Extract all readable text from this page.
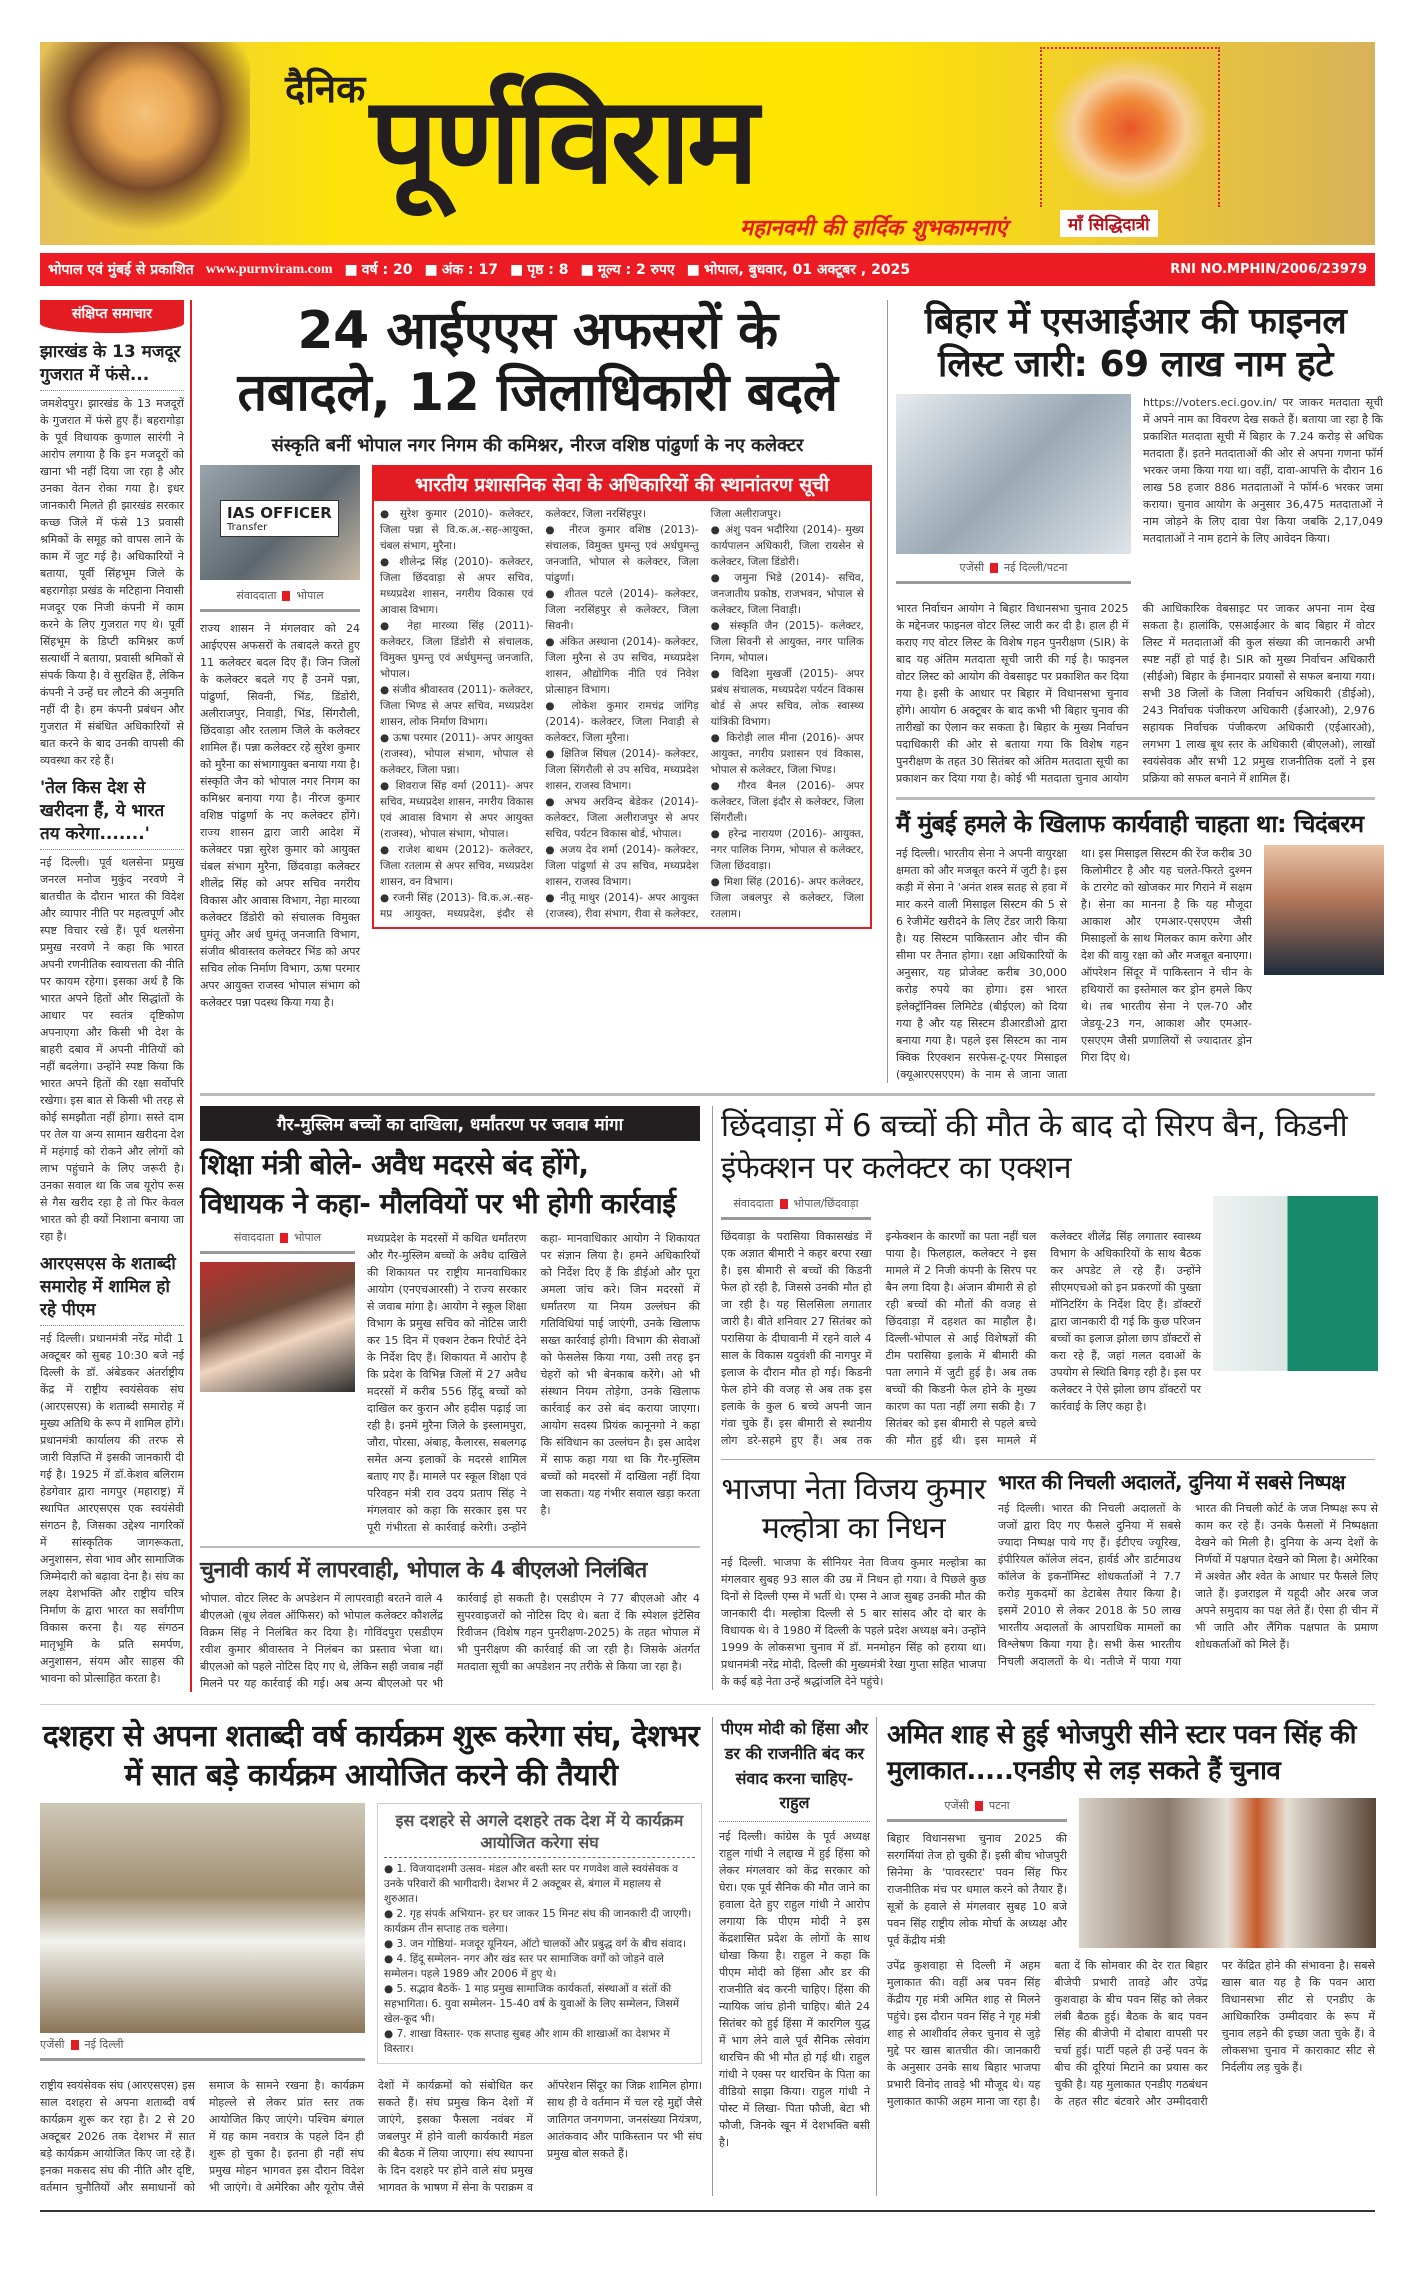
दैनिक पूर्णविराम
महानवमी की हार्दिक शुभकामनाएं	माँ सिद्धिदात्री
भोपाल एवं मुंबई से प्रकाशित www.purnviram.com	■ वर्ष : 20	■ अंक : 17	■ पृष्ठ : 8	■ मूल्य : 2 रुपए	■ भोपाल, बुधवार, 01 अक्टूबर , 2025	RNI NO.MPHIN/2006/23979
संक्षिप्त समाचार
झारखंड के 13 मजदूर गुजरात में फंसे...
जमशेदपुर। झारखंड के 13 मजदूरों के गुजरात में फंसे हुए हैं। बहरागोड़ा के पूर्व विधायक कुणाल सारंगी ने आरोप लगाया है कि इन मजदूरों को खाना भी नहीं दिया जा रहा है और उनका वेतन रोका गया है। इधर जानकारी मिलते ही झारखंड सरकार कच्छ जिले में फंसे 13 प्रवासी श्रमिकों के समूह को वापस लाने के काम में जुट गई है। अधिकारियों ने बताया, पूर्वी सिंहभूम जिले के बहरागोड़ा प्रखंड के मटिहाना निवासी मजदूर एक निजी कंपनी में काम करने के लिए गुजरात गए थे। पूर्वी सिंहभूम के डिप्टी कमिश्नर कर्ण सत्यार्थी ने बताया, प्रवासी श्रमिकों से संपर्क किया है। वे सुरक्षित हैं, लेकिन कंपनी ने उन्हें घर लौटने की अनुमति नहीं दी है। हम कंपनी प्रबंधन और गुजरात में संबंधित अधिकारियों से बात करने के बाद उनकी वापसी की व्यवस्था कर रहे हैं।
'तेल किस देश से खरीदना हैं, ये भारत तय करेगा.......'
नई दिल्ली। पूर्व थलसेना प्रमुख जनरल मनोज मुकुंद नरवणे ने बातचीत के दौरान भारत की विदेश और व्यापार नीति पर महत्वपूर्ण और स्पष्ट विचार रखे हैं। पूर्व थलसेना प्रमुख नरवणे ने कहा कि भारत अपनी रणनीतिक स्वायत्तता की नीति पर कायम रहेगा। इसका अर्थ है कि भारत अपने हितों और सिद्धांतों के आधार पर स्वतंत्र दृष्टिकोण अपनाएगा और किसी भी देश के बाहरी दबाव में अपनी नीतियों को नहीं बदलेगा। उन्होंने स्पष्ट किया कि भारत अपने हितों की रक्षा सर्वोपरि रखेगा। इस बात से किसी भी तरह से कोई समझौता नहीं होगा। सस्ते दाम पर तेल या अन्य सामान खरीदना देश में महंगाई को रोकने और लोगों को लाभ पहुंचाने के लिए जरूरी है। उनका सवाल था कि जब यूरोप रूस से गैस खरीद रहा है तो फिर केवल भारत को ही क्यों निशाना बनाया जा रहा है।
आरएसएस के शताब्दी समारोह में शामिल हो रहे पीएम
नई दिल्ली। प्रधानमंत्री नरेंद्र मोदी 1 अक्टूबर को सुबह 10:30 बजे नई दिल्ली के डॉ. अंबेडकर अंतर्राष्ट्रीय केंद्र में राष्ट्रीय स्वयंसेवक संघ (आरएसएस) के शताब्दी समारोह में मुख्य अतिथि के रूप में शामिल होंगे। प्रधानमंत्री कार्यालय की तरफ से जारी विज्ञप्ति में इसकी जानकारी दी गई है। 1925 में डॉ.केशव बलिराम हेडगेवार द्वारा नागपुर (महाराष्ट्र) में स्थापित आरएसएस एक स्वयंसेवी संगठन है, जिसका उद्देश्य नागरिकों में सांस्कृतिक जागरूकता, अनुशासन, सेवा भाव और सामाजिक जिम्मेदारी को बढ़ावा देना है। संघ का लक्ष्य देशभक्ति और राष्ट्रीय चरित्र निर्माण के द्वारा भारत का सर्वांगीण विकास करना है। यह संगठन मातृभूमि के प्रति समर्पण, अनुशासन, संयम और साहस की भावना को प्रोत्साहित करता है।
24 आईएएस अफसरों के
तबादले, 12 जिलाधिकारी बदले
संस्कृति बनीं भोपाल नगर निगम की कमिश्नर, नीरज वशिष्ठ पांढुर्णा के नए कलेक्टर
IAS OFFICER
Transfer
संवाददाता भोपाल
राज्य शासन ने मंगलवार को 24 आईएएस अफसरों के तबादले करते हुए 11 कलेक्टर बदल दिए हैं। जिन जिलों के कलेक्टर बदले गए हैं उनमें पन्ना, पांढुर्णा, सिवनी, भिंड, डिंडोरी, अलीराजपुर, निवाड़ी, भिंड, सिंगरौली, छिंदवाड़ा और रतलाम जिले के कलेक्टर शामिल हैं। पन्ना कलेक्टर रहे सुरेश कुमार को मुरैना का संभागायुक्त बनाया गया है। संस्कृति जैन को भोपाल नगर निगम का कमिश्नर बनाया गया है। नीरज कुमार वशिष्ठ पांढुर्णा के नए कलेक्टर होंगे। राज्य शासन द्वारा जारी आदेश में कलेक्टर पन्ना सुरेश कुमार को आयुक्त चंबल संभाग मुरैना, छिंदवाड़ा कलेक्टर शीलेंद्र सिंह को अपर सचिव नगरीय विकास और आवास विभाग, नेहा मारव्या कलेक्टर डिंडोरी को संचालक विमुक्त घुमंतू और अर्ध घुमंतू जनजाति विभाग, संजीव श्रीवास्तव कलेक्टर भिंड को अपर सचिव लोक निर्माण विभाग, ऊषा परमार अपर आयुक्त राजस्व भोपाल संभाग को कलेक्टर पन्ना पदस्थ किया गया है।
भारतीय प्रशासनिक सेवा के अधिकारियों की स्थानांतरण सूची
● सुरेश कुमार (2010)- कलेक्टर, जिला पन्ना से वि.क.अ.-सह-आयुक्त, चंबल संभाग, मुरैना।
● शीलेन्द्र सिंह (2010)- कलेक्टर, जिला छिंदवाड़ा से अपर सचिव, मध्यप्रदेश शासन, नगरीय विकास एवं आवास विभाग।
● नेहा मारव्या सिंह (2011)- कलेक्टर, जिला डिंडोरी से संचालक, विमुक्त घुमन्तु एवं अर्धघुमन्तु जनजाति, भोपाल।
● संजीव श्रीवास्तव (2011)- कलेक्टर, जिला भिण्ड से अपर सचिव, मध्यप्रदेश शासन, लोक निर्माण विभाग।
● ऊषा परमार (2011)- अपर आयुक्त (राजस्व), भोपाल संभाग, भोपाल से कलेक्टर, जिला पन्ना।
● शिवराज सिंह वर्मा (2011)- अपर सचिव, मध्यप्रदेश शासन, नगरीय विकास एवं आवास विभाग से अपर आयुक्त (राजस्व), भोपाल संभाग, भोपाल।
● राजेश बाथम (2012)- कलेक्टर, जिला रतलाम से अपर सचिव, मध्यप्रदेश शासन, वन विभाग।
● रजनी सिंह (2013)- वि.क.अ.-सह-मप्र आयुक्त, मध्यप्रदेश, इंदौर से कलेक्टर, जिला नरसिंहपुर।
● नीरज कुमार वशिष्ठ (2013)- संचालक, विमुक्त घुमन्तु एवं अर्धघुमन्तु जनजाति, भोपाल से कलेक्टर, जिला पांढुर्णा।
● शीतल पटले (2014)- कलेक्टर, जिला नरसिंहपुर से कलेक्टर, जिला सिवनी।
● अंकित अस्थाना (2014)- कलेक्टर, जिला मुरैना से उप सचिव, मध्यप्रदेश शासन, औद्योगिक नीति एवं निवेश प्रोत्साहन विभाग।
● लोकेश कुमार रामचंद्र जांगिड़ (2014)- कलेक्टर, जिला निवाड़ी से कलेक्टर, जिला मुरैना।
● क्षितिज सिंघल (2014)- कलेक्टर, जिला सिंगरौली से उप सचिव, मध्यप्रदेश शासन, राजस्व विभाग।
● अभय अरविन्द बेडेकर (2014)- कलेक्टर, जिला अलीराजपुर से अपर सचिव, पर्यटन विकास बोर्ड, भोपाल।
● अजय देव शर्मा (2014)- कलेक्टर, जिला पांढुर्णा से उप सचिव, मध्यप्रदेश शासन, राजस्व विभाग।
● नीतू माथुर (2014)- अपर आयुक्त (राजस्व), रीवा संभाग, रीवा से कलेक्टर, जिला अलीराजपुर।
● अंशु पवन भदौरिया (2014)- मुख्य कार्यपालन अधिकारी, जिला रायसेन से कलेक्टर, जिला डिंडोरी।
● जमुना भिडे (2014)- सचिव, जनजातीय प्रकोष्ठ, राजभवन, भोपाल से कलेक्टर, जिला निवाड़ी।
● संस्कृति जैन (2015)- कलेक्टर, जिला सिवनी से आयुक्त, नगर पालिक निगम, भोपाल।
● विदिशा मुखर्जी (2015)- अपर प्रबंध संचालक, मध्यप्रदेश पर्यटन विकास बोर्ड से अपर सचिव, लोक स्वास्थ्य यांत्रिकी विभाग।
● किरोड़ी लाल मीना (2016)- अपर आयुक्त, नगरीय प्रशासन एवं विकास, भोपाल से कलेक्टर, जिला भिण्ड।
● गौरव बैनल (2016)- अपर कलेक्टर, जिला इंदौर से कलेक्टर, जिला सिंगरौली।
● हरेन्द्र नारायण (2016)- आयुक्त, नगर पालिक निगम, भोपाल से कलेक्टर, जिला छिंदवाड़ा।
● मिशा सिंह (2016)- अपर कलेक्टर, जिला जबलपुर से कलेक्टर, जिला रतलाम।
बिहार में एसआईआर की फाइनल
लिस्ट जारी: 69 लाख नाम हटे
एजेंसी नई दिल्ली/पटना
https://voters.eci.gov.in/ पर जाकर मतदाता सूची में अपने नाम का विवरण देख सकते हैं। बताया जा रहा है कि प्रकाशित मतदाता सूची में बिहार के 7.24 करोड़ से अधिक मतदाता हैं। इतने मतदाताओं की ओर से अपना गणना फॉर्म भरकर जमा किया गया था। वहीं, दावा-आपत्ति के दौरान 16 लाख 58 हजार 886 मतदाताओं ने फॉर्म-6 भरकर जमा कराया। चुनाव आयोग के अनुसार 36,475 मतदाताओं ने नाम जोड़ने के लिए दावा पेश किया जबकि 2,17,049 मतदाताओं ने नाम हटाने के लिए आवेदन किया।
भारत निर्वाचन आयोग ने बिहार विधानसभा चुनाव 2025 के मद्देनजर फाइनल वोटर लिस्ट जारी कर दी है। हाल ही में कराए गए वोटर लिस्ट के विशेष गहन पुनरीक्षण (SIR) के बाद यह अंतिम मतदाता सूची जारी की गई है। फाइनल वोटर लिस्ट को आयोग की वेबसाइट पर प्रकाशित कर दिया गया है। इसी के आधार पर बिहार में विधानसभा चुनाव होंगे। आयोग 6 अक्टूबर के बाद कभी भी बिहार चुनाव की तारीखों का ऐलान कर सकता है। बिहार के मुख्य निर्वाचन पदाधिकारी की ओर से बताया गया कि विशेष गहन पुनरीक्षण के तहत 30 सितंबर को अंतिम मतदाता सूची का प्रकाशन कर दिया गया है। कोई भी मतदाता चुनाव आयोग की आधिकारिक वेबसाइट पर जाकर अपना नाम देख सकता है। हालांकि, एसआईआर के बाद बिहार में वोटर लिस्ट में मतदाताओं की कुल संख्या की जानकारी अभी स्पष्ट नहीं हो पाई है। SIR को मुख्य निर्वाचन अधिकारी (सीईओ) बिहार के ईमानदार प्रयासों से सफल बनाया गया। सभी 38 जिलों के जिला निर्वाचन अधिकारी (डीईओ), 243 निर्वाचक पंजीकरण अधिकारी (ईआरओ), 2,976 सहायक निर्वाचक पंजीकरण अधिकारी (एईआरओ), लगभग 1 लाख बूथ स्तर के अधिकारी (बीएलओ), लाखों स्वयंसेवक और सभी 12 प्रमुख राजनीतिक दलों ने इस प्रक्रिया को सफल बनाने में शामिल हैं।
मैं मुंबई हमले के खिलाफ कार्यवाही चाहता था: चिदंबरम
नई दिल्ली। भारतीय सेना ने अपनी वायुरक्षा क्षमता को और मजबूत करने में जुटी है। इस कड़ी में सेना ने 'अनंत शस्त्र सतह से हवा में मार करने वाली मिसाइल सिस्टम की 5 से 6 रेजीमेंट खरीदने के लिए टेंडर जारी किया है। यह सिस्टम पाकिस्तान और चीन की सीमा पर तैनात होगा। रक्षा अधिकारियों के अनुसार, यह प्रोजेक्ट करीब 30,000 करोड़ रुपये का होगा। इस भारत इलेक्ट्रॉनिक्स लिमिटेड (बीईएल) को दिया गया है और यह सिस्टम डीआरडीओ द्वारा बनाया गया है। पहले इस सिस्टम का नाम क्विक रिएक्शन सरफेस-टू-एयर मिसाइल (क्यूआरएसएएम) के नाम से जाना जाता था। इस मिसाइल सिस्टम की रेंज करीब 30 किलोमीटर है और यह चलते-फिरते दुश्मन के टारगेट को खोजकर मार गिराने में सक्षम है। सेना का मानना है कि यह मौजूदा आकाश और एमआर-एसएएम जैसी मिसाइलों के साथ मिलकर काम करेगा और देश की वायु रक्षा को और मजबूत बनाएगा। ऑपरेशन सिंदूर में पाकिस्तान ने चीन के हथियारों का इस्तेमाल कर ड्रोन हमले किए थे। तब भारतीय सेना ने एल-70 और जेडयू-23 गन, आकाश और एमआर-एसएएम जैसी प्रणालियों से ज्यादातर ड्रोन गिरा दिए थे।
गैर-मुस्लिम बच्चों का दाखिला, धर्मांतरण पर जवाब मांगा
शिक्षा मंत्री बोले- अवैध मदरसे बंद होंगे,
विधायक ने कहा- मौलवियों पर भी होगी कार्रवाई
संवाददाता भोपाल	मध्यप्रदेश के मदरसों में कथित धर्मांतरण और गैर-मुस्लिम बच्चों के अवैध दाखिले की शिकायत पर राष्ट्रीय मानवाधिकार आयोग (एनएचआरसी) ने राज्य सरकार से जवाब मांगा है। आयोग ने स्कूल शिक्षा विभाग के प्रमुख सचिव को नोटिस जारी कर 15 दिन में एक्शन टेकन रिपोर्ट देने के निर्देश दिए हैं। शिकायत में आरोप है कि प्रदेश के विभिन्न जिलों में 27 अवैध मदरसों में करीब 556 हिंदू बच्चों को दाखिल कर कुरान और हदीस पढ़ाई जा रही है। इनमें मुरैना जिले के इस्लामपुरा, जौरा, पोरसा, अंबाह, कैलारस, सबलगढ़ समेत अन्य इलाकों के मदरसे शामिल बताए गए हैं। मामले पर स्कूल शिक्षा एवं परिवहन मंत्री राव उदय प्रताप सिंह ने मंगलवार को कहा कि सरकार इस पर पूरी गंभीरता से कार्रवाई करेगी। उन्होंने कहा- मानवाधिकार आयोग ने शिकायत पर संज्ञान लिया है। हमने अधिकारियों को निर्देश दिए हैं कि डीईओ और पूरा अमला जांच करे। जिन मदरसों में धर्मांतरण या नियम उल्लंघन की गतिविधियां पाई जाएंगी, उनके खिलाफ सख्त कार्रवाई होगी। विभाग की सेवाओं को फेसलेस किया गया, उसी तरह इन चेहरों को भी बेनकाब करेंगे। ओ भी संस्थान नियम तोड़ेगा, उनके खिलाफ कार्रवाई कर उसे बंद कराया जाएगा। आयोग सदस्य प्रियंक कानूनगो ने कहा कि संविधान का उल्लंघन है। इस आदेश में साफ कहा गया था कि गैर-मुस्लिम बच्चों को मदरसों में दाखिला नहीं दिया जा सकता। यह गंभीर सवाल खड़ा करता है।
चुनावी कार्य में लापरवाही, भोपाल के 4 बीएलओ निलंबित
भोपाल. वोटर लिस्ट के अपडेशन में लापरवाही बरतने वाले 4 बीएलओ (बूथ लेवल ऑफिसर) को भोपाल कलेक्टर कौशलेंद्र विक्रम सिंह ने निलंबित कर दिया है। गोविंदपुरा एसडीएम रवीश कुमार श्रीवास्तव ने निलंबन का प्रस्ताव भेजा था। बीएलओ को पहले नोटिस दिए गए थे, लेकिन सही जवाब नहीं मिलने पर यह कार्रवाई की गई। अब अन्य बीएलओ पर भी कार्रवाई हो सकती है। एसडीएम ने 77 बीएलओ और 4 सुपरवाइजरों को नोटिस दिए थे। बता दें कि स्पेशल इंटेंसिव रिवीजन (विशेष गहन पुनरीक्षण-2025) के तहत भोपाल में भी पुनरीक्षण की कार्रवाई की जा रही है। जिसके अंतर्गत मतदाता सूची का अपडेशन नए तरीके से किया जा रहा है।
छिंदवाड़ा में 6 बच्चों की मौत के बाद दो सिरप बैन, किडनी इंफेक्शन पर कलेक्टर का एक्शन
संवाददाता भोपाल/छिंदवाड़ा
छिंदवाड़ा के परासिया विकासखंड में एक अज्ञात बीमारी ने कहर बरपा रखा है। इस बीमारी से बच्चों की किडनी फेल हो रही है, जिससे उनकी मौत हो जा रही है। यह सिलसिला लगातार जारी है। बीते शनिवार 27 सितंबर को परासिया के दीघावानी में रहने वाले 4 साल के विकास यदुवंशी की नागपुर में इलाज के दौरान मौत हो गई। किडनी फेल होने की वजह से अब तक इस इलाके के कुल 6 बच्चे अपनी जान गंवा चुके हैं। इस बीमारी से स्थानीय लोग डरे-सहमे हुए हैं। अब तक इन्फेक्शन के कारणों का पता नहीं चल पाया है। फिलहाल, कलेक्टर ने इस मामले में 2 निजी कंपनी के सिरप पर बैन लगा दिया है। अंजान बीमारी से हो रही बच्चों की मौतों की वजह से छिंदवाड़ा में दहशत का माहौल है। दिल्ली-भोपाल से आई विशेषज्ञों की टीम परासिया इलाके में बीमारी की पता लगाने में जुटी हुई है। अब तक बच्चों की किडनी फेल होने के मुख्य कारण का पता नहीं लगा सकी है। 7 सितंबर को इस बीमारी से पहले बच्चे की मौत हुई थी। इस मामले में कलेक्टर शीलेंद्र सिंह लगातार स्वास्थ्य विभाग के अधिकारियों के साथ बैठक कर अपडेट ले रहे हैं। उन्होंने सीएमएचओ को इन प्रकरणों की पुख्ता मॉनिटरिंग के निर्देश दिए हैं। डॉक्टरों द्वारा जानकारी दी गई कि कुछ परिजन बच्चों का इलाज झोला छाप डॉक्टरों से करा रहे हैं, जहां गलत दवाओं के उपयोग से स्थिति बिगड़ रही है। इस पर कलेक्टर ने ऐसे झोला छाप डॉक्टरों पर कार्रवाई के लिए कहा है।
भाजपा नेता विजय कुमार मल्होत्रा का निधन
नई दिल्ली. भाजपा के सीनियर नेता विजय कुमार मल्होत्रा का मंगलवार सुबह 93 साल की उम्र में निधन हो गया। वे पिछले कुछ दिनों से दिल्ली एम्स में भर्ती थे। एम्स ने आज सुबह उनकी मौत की जानकारी दी। मल्होत्रा दिल्ली से 5 बार सांसद और दो बार के विधायक थे। वे 1980 में दिल्ली के पहले प्रदेश अध्यक्ष बने। उन्होंने 1999 के लोकसभा चुनाव में डॉ. मनमोहन सिंह को हराया था। प्रधानमंत्री नरेंद्र मोदी, दिल्ली की मुख्यमंत्री रेखा गुप्ता सहित भाजपा के कई बड़े नेता उन्हें श्रद्धांजलि देने पहुंचे।
भारत की निचली अदालतें, दुनिया में सबसे निष्पक्ष
नई दिल्ली। भारत की निचली अदालतों के जजों द्वारा दिए गए फैसले दुनिया में सबसे ज्यादा निष्पक्ष पाये गए हैं। ईटीएच ज्यूरिख, इंपीरियल कॉलेज लंदन, हार्वर्ड और डार्टमाउथ कॉलेज के इकनॉमिस्ट शोधकर्ताओं ने 7.7 करोड़ मुकदमों का डेटाबेस तैयार किया है। इसमें 2010 से लेकर 2018 के 50 लाख भारतीय अदालतों के आपराधिक मामलों का विश्लेषण किया गया है। सभी केस भारतीय निचली अदालतों के थे। नतीजे में पाया गया भारत की निचली कोर्ट के जज निष्पक्ष रूप से काम कर रहे हैं। उनके फैसलों में निष्पक्षता देखने को मिली है। दुनिया के अन्य देशों के निर्णयों में पक्षपात देखने को मिला है। अमेरिका में अश्वेत और श्वेत के आधार पर फैसले लिए जाते हैं। इजराइल में यहूदी और अरब जज अपने समुदाय का पक्ष लेते हैं। ऐसा ही चीन में भी जाति और लैंगिक पक्षपात के प्रमाण शोधकर्ताओं को मिले हैं।
दशहरा से अपना शताब्दी वर्ष कार्यक्रम शुरू करेगा संघ, देशभर में सात बड़े कार्यक्रम आयोजित करने की तैयारी
एजेंसी नई दिल्ली
इस दशहरे से अगले दशहरे तक देश में ये कार्यक्रम आयोजित करेगा संघ
● 1. विजयादशमी उत्सव- मंडल और बस्ती स्तर पर गणवेश वाले स्वयंसेवक व उनके परिवारों की भागीदारी। देशभर में 2 अक्टूबर से, बंगाल में महालय से शुरुआत।
● 2. गृह संपर्क अभियान- हर घर जाकर 15 मिनट संघ की जानकारी दी जाएगी। कार्यक्रम तीन सप्ताह तक चलेगा।
● 3. जन गोष्ठियां- मजदूर यूनियन, ऑटो चालकों और प्रबुद्ध वर्ग के बीच संवाद।
● 4. हिंदू सम्मेलन- नगर और खंड स्तर पर सामाजिक वर्गों को जोड़ने वाले सम्मेलन। पहले 1989 और 2006 में हुए थे।
● 5. सद्भाव बैठकें- 1 माह प्रमुख सामाजिक कार्यकर्ता, संस्थाओं व संतों की सहभागिता। 6. युवा सम्मेलन- 15-40 वर्ष के युवाओं के लिए सम्मेलन, जिसमें खेल-कूद भी।
● 7. शाखा विस्तार- एक सप्ताह सुबह और शाम की शाखाओं का देशभर में विस्तार।
राष्ट्रीय स्वयंसेवक संघ (आरएसएस) इस साल दशहरा से अपना शताब्दी वर्ष कार्यक्रम शुरू कर रहा है। 2 से 20 अक्टूबर 2026 तक देशभर में सात बड़े कार्यक्रम आयोजित किए जा रहे हैं। इनका मकसद संघ की नीति और दृष्टि, वर्तमान चुनौतियों और समाधानों को समाज के सामने रखना है। कार्यक्रम मोहल्ले से लेकर प्रांत स्तर तक आयोजित किए जाएंगे। पश्चिम बंगाल में यह काम नवरात्र के पहले दिन ही शुरू हो चुका है। इतना ही नहीं संघ प्रमुख मोहन भागवत इस दौरान विदेश भी जाएंगे। वे अमेरिका और यूरोप जैसे देशों में कार्यक्रमों को संबोधित कर सकते हैं। संघ प्रमुख किन देशों में जाएंगे, इसका फैसला नवंबर में जबलपुर में होने वाली कार्यकारी मंडल की बैठक में लिया जाएगा। संघ स्थापना के दिन दशहरे पर होने वाले संघ प्रमुख भागवत के भाषण में सेना के पराक्रम व ऑपरेशन सिंदूर का जिक्र शामिल होगा। साथ ही वे वर्तमान में चल रहे मुद्दों जैसे जातिगत जनगणना, जनसंख्या नियंत्रण, आतंकवाद और पाकिस्तान पर भी संघ प्रमुख बोल सकते हैं।
पीएम मोदी को हिंसा और डर की राजनीति बंद कर संवाद करना चाहिए- राहुल
नई दिल्ली। कांग्रेस के पूर्व अध्यक्ष राहुल गांधी ने लद्दाख में हुई हिंसा को लेकर मंगलवार को केंद्र सरकार को घेरा। एक पूर्व सैनिक की मौत जाने का हवाला देते हुए राहुल गांधी ने आरोप लगाया कि पीएम मोदी ने इस केंद्रशासित प्रदेश के लोगों के साथ धोखा किया है। राहुल ने कहा कि पीएम मोदी को हिंसा और डर की राजनीति बंद करनी चाहिए। हिंसा की न्यायिक जांच होनी चाहिए। बीते 24 सितंबर को हुई हिंसा में कारगिल युद्ध में भाग लेने वाले पूर्व सैनिक त्सेवांग थारचिन की भी मौत हो गई थी। राहुल गांधी ने एक्स पर थारचिन के पिता का वीडियो साझा किया। राहुल गांधी ने पोस्ट में लिखा- पिता फौजी, बेटा भी फौजी, जिनके खून में देशभक्ति बसी है।
अमित शाह से हुई भोजपुरी सीने स्टार पवन सिंह की मुलाकात.....एनडीए से लड़ सकते हैं चुनाव
एजेंसी पटना
बिहार विधानसभा चुनाव 2025 की सरगर्मियां तेज हो चुकी हैं। इसी बीच भोजपुरी सिनेमा के 'पावरस्टार' पवन सिंह फिर राजनीतिक मंच पर धमाल करने को तैयार हैं। सूत्रों के हवाले से मंगलवार सुबह 10 बजे पवन सिंह राष्ट्रीय लोक मोर्चा के अध्यक्ष और पूर्व केंद्रीय मंत्री
उपेंद्र कुशवाहा से दिल्ली में अहम मुलाकात की। वहीं अब पवन सिंह केंद्रीय गृह मंत्री अमित शाह से मिलने पहुंचे। इस दौरान पवन सिंह ने गृह मंत्री शाह से आशीर्वाद लेकर चुनाव से जुड़े मुद्दे पर खास बातचीत की। जानकारी के अनुसार उनके साथ बिहार भाजपा प्रभारी विनोद तावड़े भी मौजूद थे। यह मुलाकात काफी अहम माना जा रहा है। बता दें कि सोमवार की देर रात बिहार बीजेपी प्रभारी तावड़े और उपेंद्र कुशवाहा के बीच पवन सिंह को लेकर लंबी बैठक हुई। बैठक के बाद पवन सिंह की बीजेपी में दोबारा वापसी पर चर्चा हुई। पार्टी पहले ही उन्हें पवन के बीच की दूरियां मिटाने का प्रयास कर चुकी है। यह मुलाकात एनडीए गठबंधन के तहत सीट बंटवारे और उम्मीदवारी पर केंद्रित होने की संभावना है। सबसे खास बात यह है कि पवन आरा विधानसभा सीट से एनडीए के आधिकारिक उम्मीदवार के रूप में चुनाव लड़ने की इच्छा जता चुके हैं। वे लोकसभा चुनाव में काराकाट सीट से निर्दलीय लड़ चुके हैं।
